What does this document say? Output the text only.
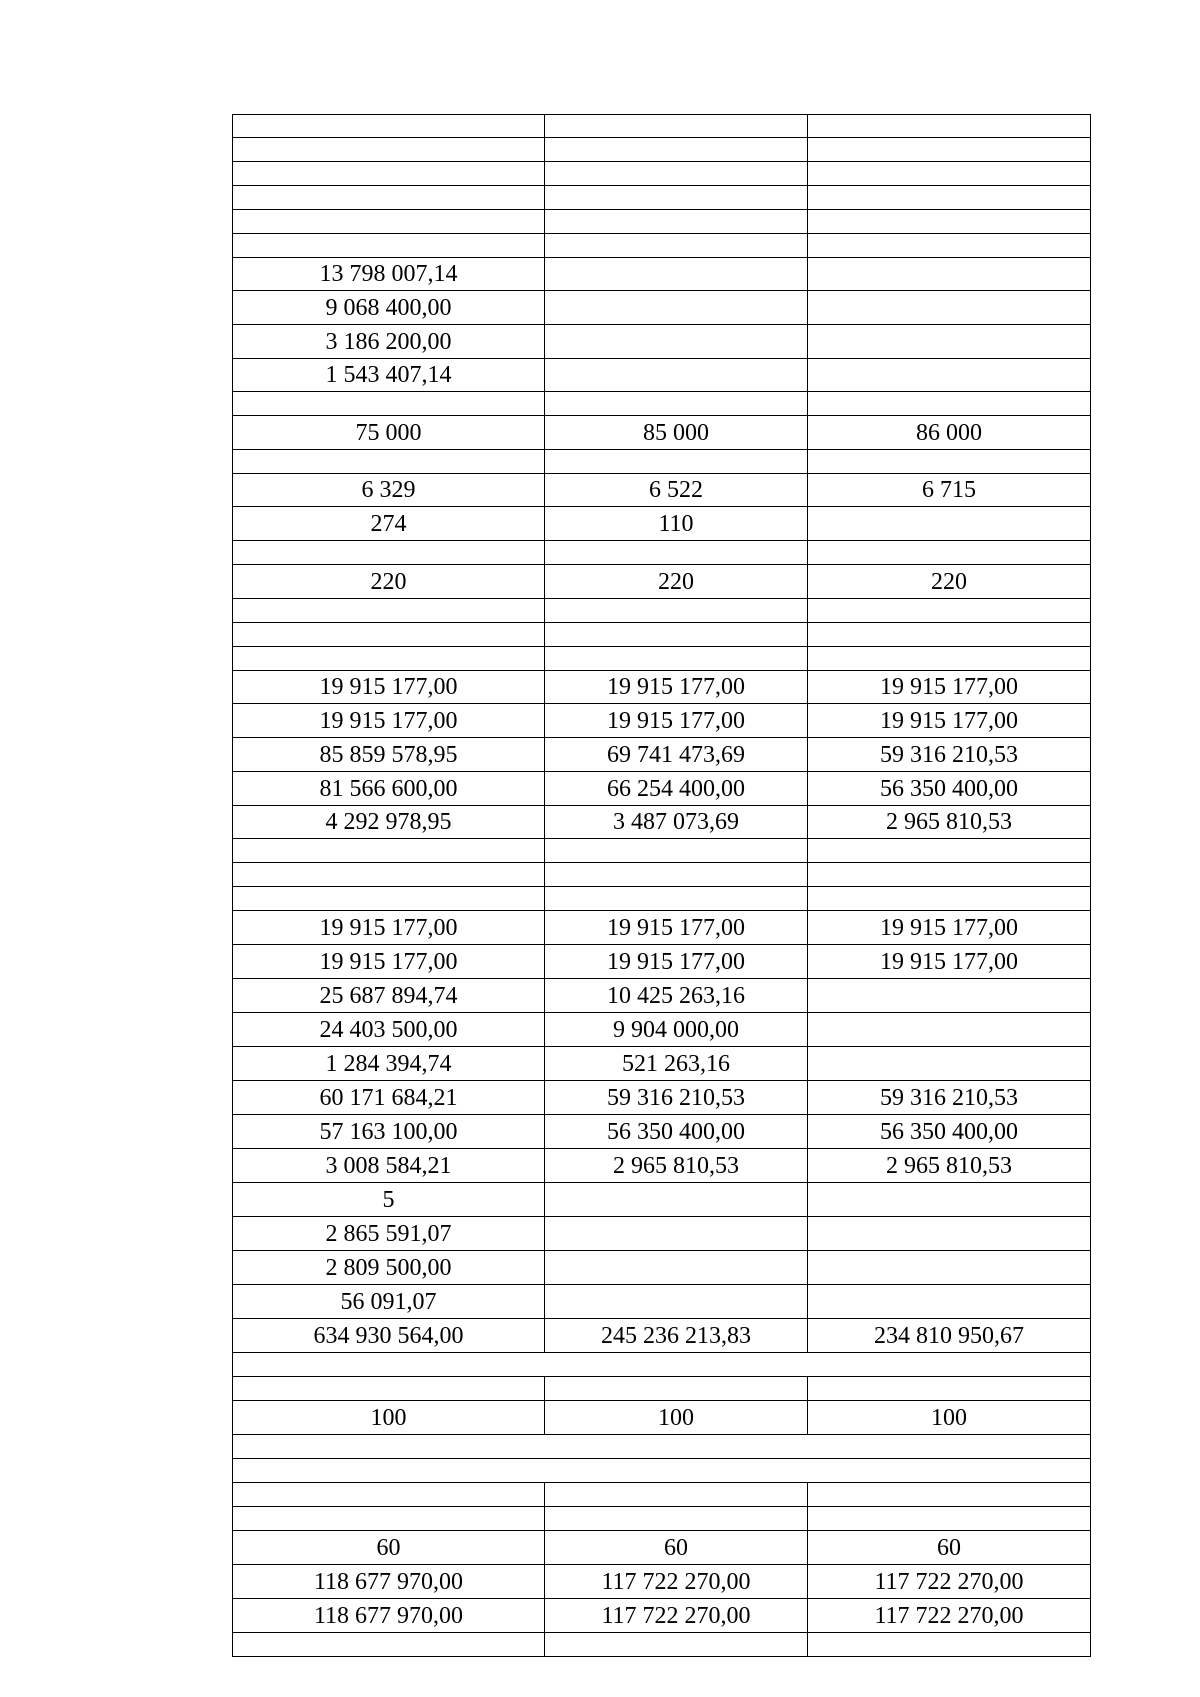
13 798 007,14		
9 068 400,00		
3 186 200,00		
1 543 407,14		

75 000	85 000	86 000

6 329	6 522	6 715
274	110	

220	220	220

19 915 177,00	19 915 177,00	19 915 177,00
19 915 177,00	19 915 177,00	19 915 177,00
85 859 578,95	69 741 473,69	59 316 210,53
81 566 600,00	66 254 400,00	56 350 400,00
4 292 978,95	3 487 073,69	2 965 810,53

19 915 177,00	19 915 177,00	19 915 177,00
19 915 177,00	19 915 177,00	19 915 177,00
25 687 894,74	10 425 263,16	
24 403 500,00	9 904 000,00	
1 284 394,74	521 263,16	
60 171 684,21	59 316 210,53	59 316 210,53
57 163 100,00	56 350 400,00	56 350 400,00
3 008 584,21	2 965 810,53	2 965 810,53
5		
2 865 591,07		
2 809 500,00		
56 091,07		
634 930 564,00	245 236 213,83	234 810 950,67

100	100	100

60	60	60
118 677 970,00	117 722 270,00	117 722 270,00
118 677 970,00	117 722 270,00	117 722 270,00
